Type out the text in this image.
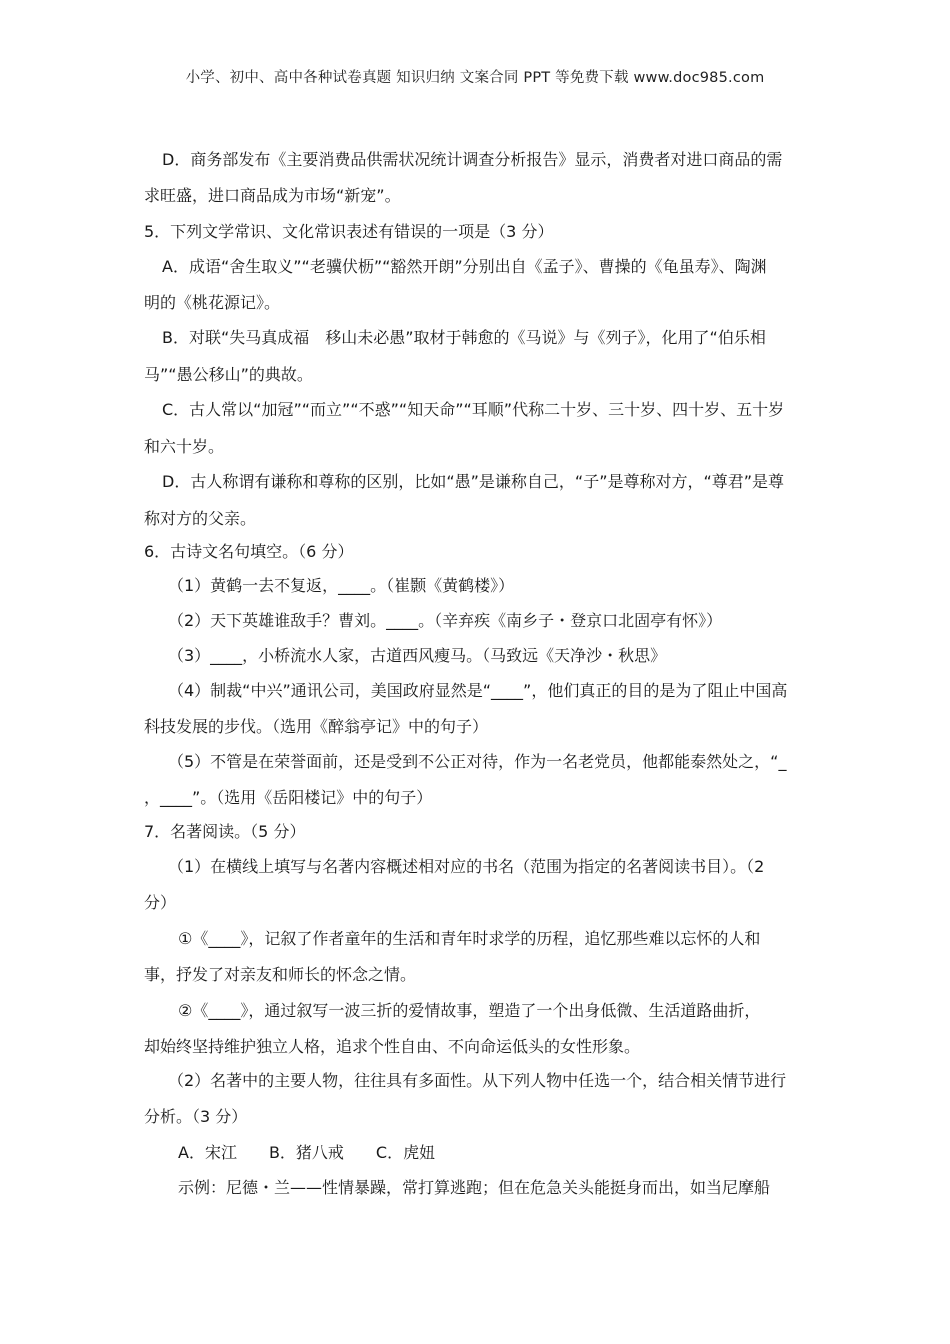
小学、初中、高中各种试卷真题 知识归纳 文案合同 PPT 等免费下载 www.doc985.com
D．商务部发布《主要消费品供需状况统计调查分析报告》显示，消费者对进口商品的需
求旺盛，进口商品成为市场“新宠”。
5．下列文学常识、文化常识表述有错误的一项是（3 分）
A．成语“舍生取义”“老骥伏枥”“豁然开朗”分别出自《孟子》、曹操的《龟虽寿》、陶渊
明的《桃花源记》。
B．对联“失马真成福　移山未必愚”取材于韩愈的《马说》与《列子》，化用了“伯乐相
马”“愚公移山”的典故。
C．古人常以“加冠”“而立”“不惑”“知天命”“耳顺”代称二十岁、三十岁、四十岁、五十岁
和六十岁。
D．古人称谓有谦称和尊称的区别，比如“愚”是谦称自己，“子”是尊称对方，“尊君”是尊
称对方的父亲。
6．古诗文名句填空。（6 分）
（1）黄鹤一去不复返，____。（崔颢《黄鹤楼》）
（2）天下英雄谁敌手？曹刘。____。（辛弃疾《南乡子・登京口北固亭有怀》）
（3）____，小桥流水人家，古道西风瘦马。（马致远《天净沙・秋思》
（4）制裁“中兴”通讯公司，美国政府显然是“____”，他们真正的目的是为了阻止中国高
科技发展的步伐。（选用《醉翁亭记》中的句子）
（5）不管是在荣誉面前，还是受到不公正对待，作为一名老党员，他都能泰然处之，“_
，____”。（选用《岳阳楼记》中的句子）
7．名著阅读。（5 分）
（1）在横线上填写与名著内容概述相对应的书名（范围为指定的名著阅读书目）。（2
分）
①《____》，记叙了作者童年的生活和青年时求学的历程，追忆那些难以忘怀的人和
事，抒发了对亲友和师长的怀念之情。
②《____》，通过叙写一波三折的爱情故事，塑造了一个出身低微、生活道路曲折，
却始终坚持维护独立人格，追求个性自由、不向命运低头的女性形象。
（2）名著中的主要人物，往往具有多面性。从下列人物中任选一个，结合相关情节进行
分析。（3 分）
A．宋江　　B．猪八戒　　C．虎妞
示例：尼德・兰——性情暴躁，常打算逃跑；但在危急关头能挺身而出，如当尼摩船
